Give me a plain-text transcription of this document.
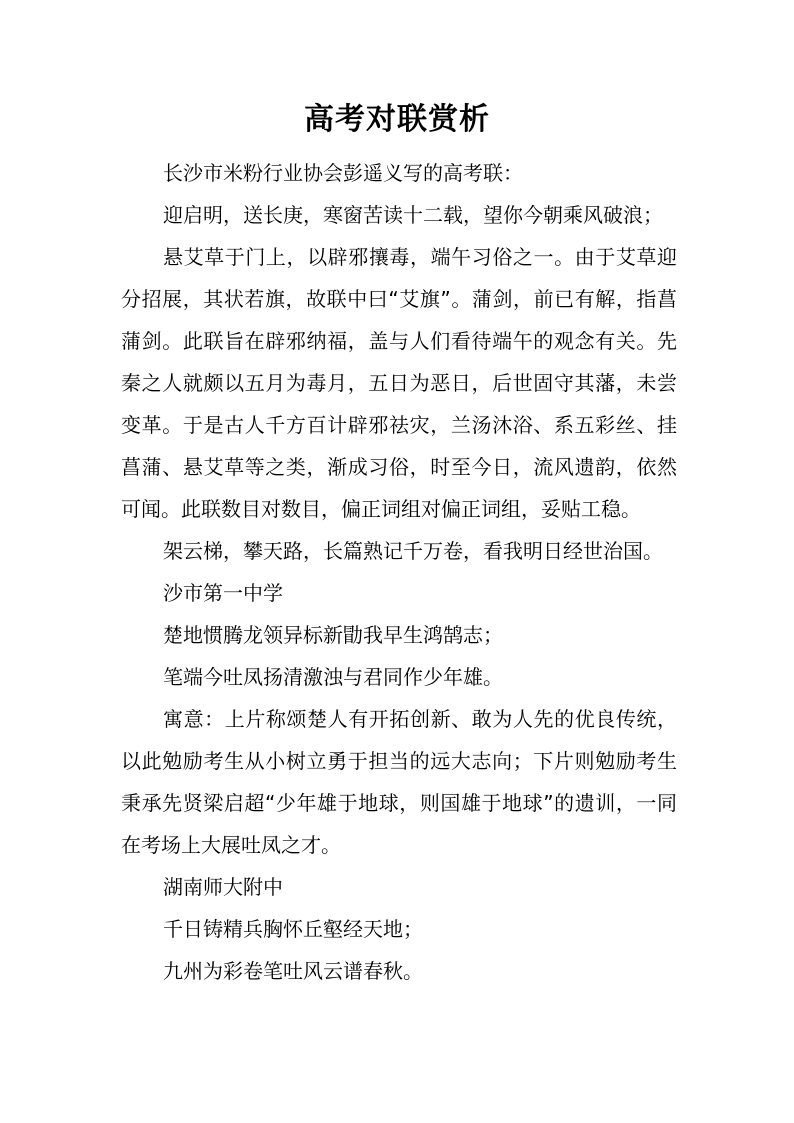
高考对联赏析

长沙市米粉行业协会彭遥义写的高考联：

迎启明，送长庚，寒窗苦读十二载，望你今朝乘风破浪；

悬艾草于门上，以辟邪攘毒，端午习俗之一。由于艾草迎分招展，其状若旗，故联中曰“艾旗”。蒲剑，前已有解，指菖蒲剑。此联旨在辟邪纳福，盖与人们看待端午的观念有关。先秦之人就颇以五月为毒月，五日为恶日，后世固守其藩，未尝变革。于是古人千方百计辟邪祛灾，兰汤沐浴、系五彩丝、挂菖蒲、悬艾草等之类，渐成习俗，时至今日，流风遗韵，依然可闻。此联数目对数目，偏正词组对偏正词组，妥贴工稳。

架云梯，攀天路，长篇熟记千万卷，看我明日经世治国。

沙市第一中学

楚地惯腾龙领异标新勖我早生鸿鹄志；

笔端今吐凤扬清激浊与君同作少年雄。

寓意：上片称颂楚人有开拓创新、敢为人先的优良传统，以此勉励考生从小树立勇于担当的远大志向；下片则勉励考生秉承先贤梁启超“少年雄于地球，则国雄于地球”的遗训，一同在考场上大展吐凤之才。

湖南师大附中

千日铸精兵胸怀丘壑经天地；

九州为彩卷笔吐风云谱春秋。
